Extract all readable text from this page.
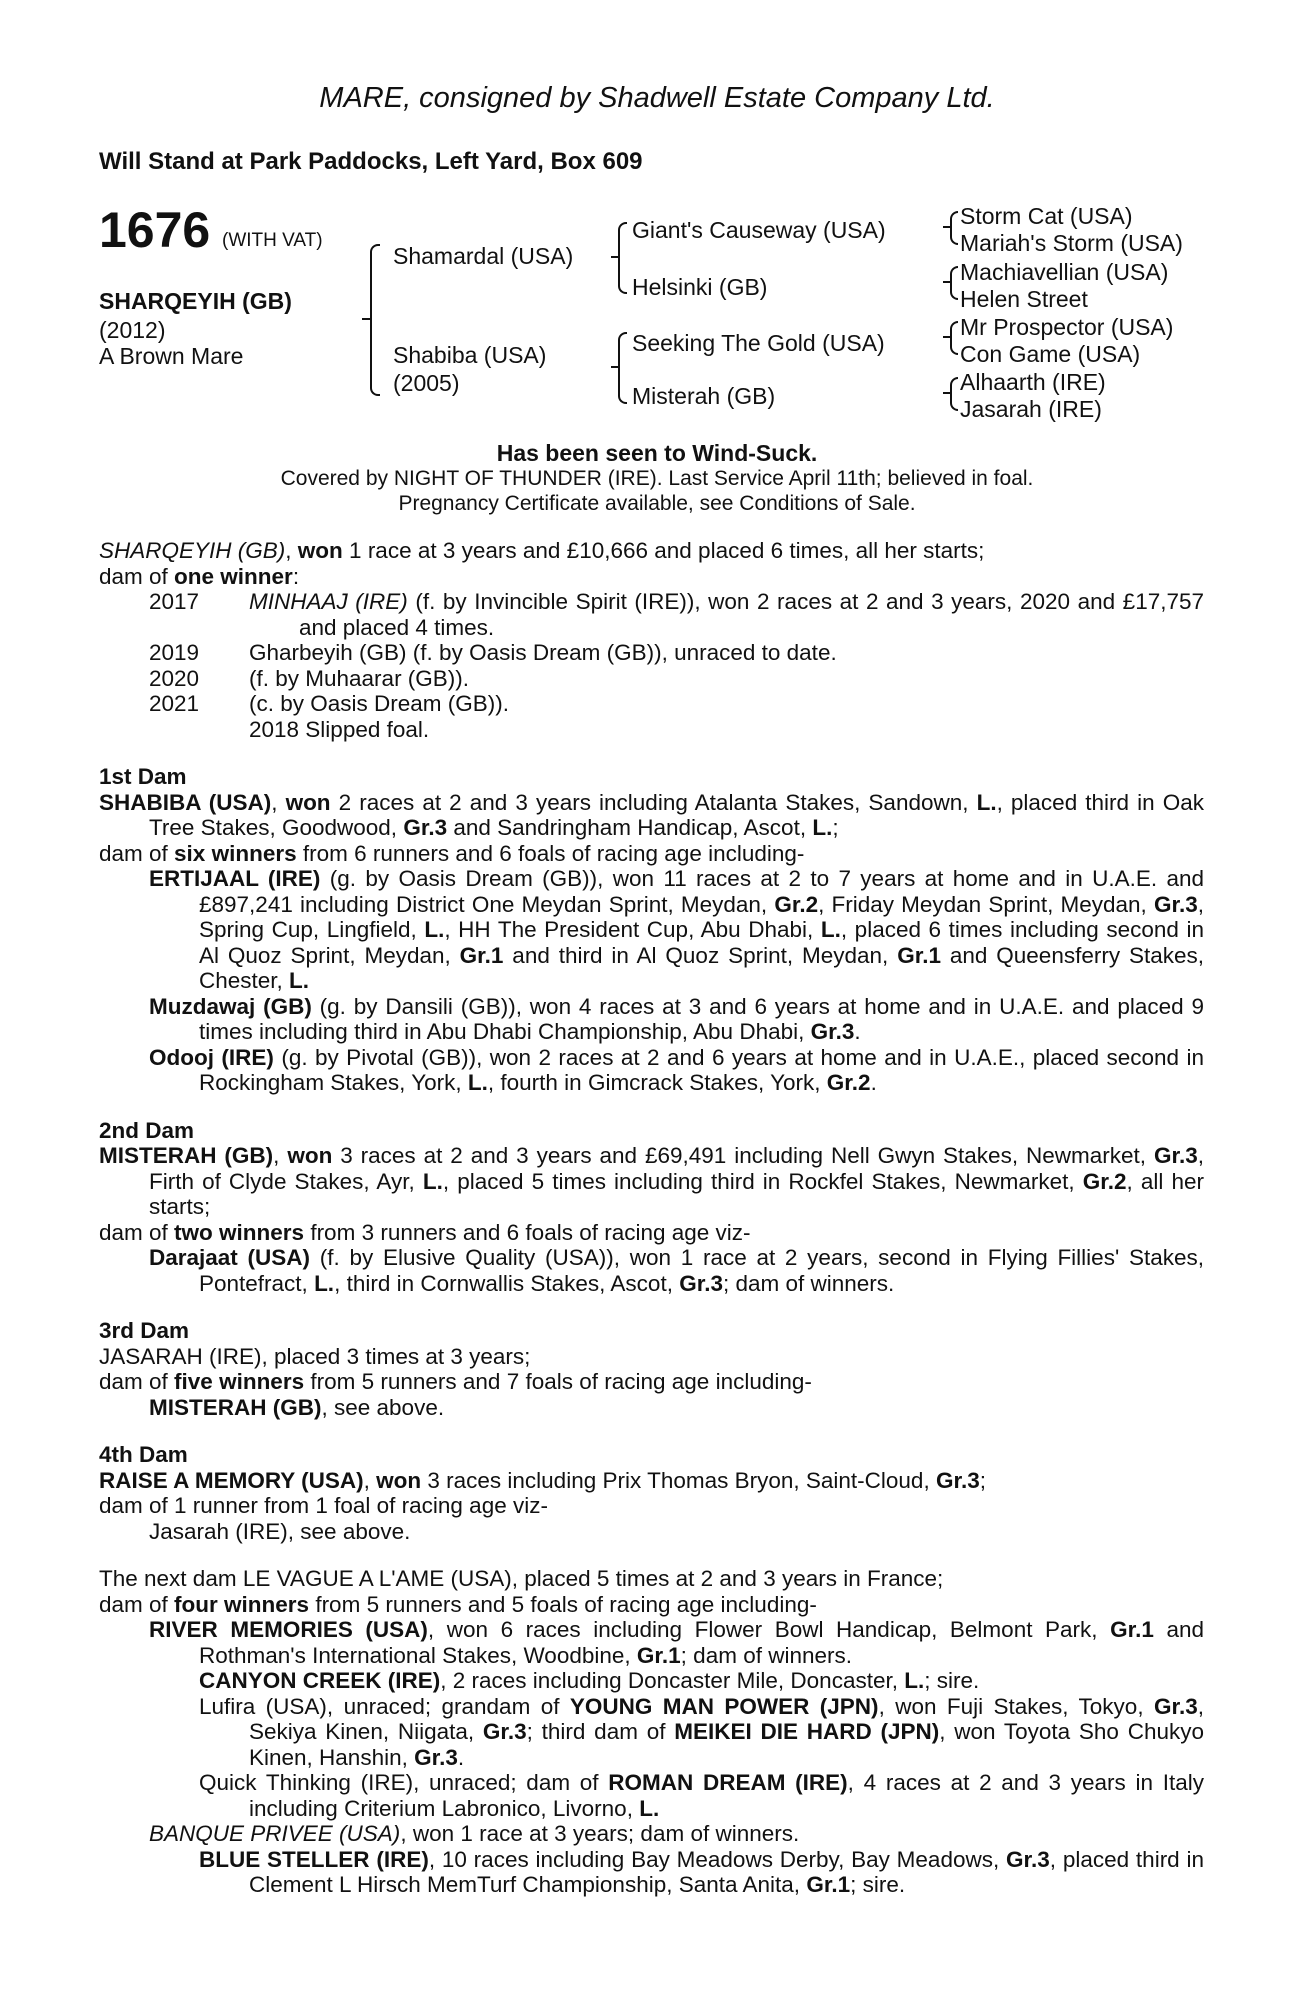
MARE, consigned by Shadwell Estate Company Ltd.
Will Stand at Park Paddocks, Left Yard, Box 609
1676 (WITH VAT)
SHARQEYIH (GB)
(2012)
A Brown Mare
Shamardal (USA)
Shabiba (USA)
(2005)
Giant's Causeway (USA)
Helsinki (GB)
Seeking The Gold (USA)
Misterah (GB)
Storm Cat (USA)
Mariah's Storm (USA)
Machiavellian (USA)
Helen Street
Mr Prospector (USA)
Con Game (USA)
Alhaarth (IRE)
Jasarah (IRE)
Has been seen to Wind-Suck.
Covered by NIGHT OF THUNDER (IRE). Last Service April 11th; believed in foal.
Pregnancy Certificate available, see Conditions of Sale.

SHARQEYIH (GB), won 1 race at 3 years and £10,666 and placed 6 times, all her starts;

dam of one winner:

2017	MINHAAJ (IRE) (f. by Invincible Spirit (IRE)), won 2 races at 2 and 3 years, 2020 and £17,757 and placed 4 times.
2019	Gharbeyih (GB) (f. by Oasis Dream (GB)), unraced to date.
2020	(f. by Muhaarar (GB)).
2021	(c. by Oasis Dream (GB)).
2018 Slipped foal.

1st Dam

SHABIBA (USA), won 2 races at 2 and 3 years including Atalanta Stakes, Sandown, L., placed third in Oak Tree Stakes, Goodwood, Gr.3 and Sandringham Handicap, Ascot, L.;

dam of six winners from 6 runners and 6 foals of racing age including-

ERTIJAAL (IRE) (g. by Oasis Dream (GB)), won 11 races at 2 to 7 years at home and in U.A.E. and £897,241 including District One Meydan Sprint, Meydan, Gr.2, Friday Meydan Sprint, Meydan, Gr.3, Spring Cup, Lingfield, L., HH The President Cup, Abu Dhabi, L., placed 6 times including second in Al Quoz Sprint, Meydan, Gr.1 and third in Al Quoz Sprint, Meydan, Gr.1 and Queensferry Stakes, Chester, L.

Muzdawaj (GB) (g. by Dansili (GB)), won 4 races at 3 and 6 years at home and in U.A.E. and placed 9 times including third in Abu Dhabi Championship, Abu Dhabi, Gr.3.

Odooj (IRE) (g. by Pivotal (GB)), won 2 races at 2 and 6 years at home and in U.A.E., placed second in Rockingham Stakes, York, L., fourth in Gimcrack Stakes, York, Gr.2.

2nd Dam

MISTERAH (GB), won 3 races at 2 and 3 years and £69,491 including Nell Gwyn Stakes, Newmarket, Gr.3, Firth of Clyde Stakes, Ayr, L., placed 5 times including third in Rockfel Stakes, Newmarket, Gr.2, all her starts;

dam of two winners from 3 runners and 6 foals of racing age viz-

Darajaat (USA) (f. by Elusive Quality (USA)), won 1 race at 2 years, second in Flying Fillies' Stakes, Pontefract, L., third in Cornwallis Stakes, Ascot, Gr.3; dam of winners.

3rd Dam

JASARAH (IRE), placed 3 times at 3 years;

dam of five winners from 5 runners and 7 foals of racing age including-

MISTERAH (GB), see above.

4th Dam

RAISE A MEMORY (USA), won 3 races including Prix Thomas Bryon, Saint-Cloud, Gr.3;

dam of 1 runner from 1 foal of racing age viz-

Jasarah (IRE), see above.

The next dam LE VAGUE A L'AME (USA), placed 5 times at 2 and 3 years in France;

dam of four winners from 5 runners and 5 foals of racing age including-

RIVER MEMORIES (USA), won 6 races including Flower Bowl Handicap, Belmont Park, Gr.1 and Rothman's International Stakes, Woodbine, Gr.1; dam of winners.

CANYON CREEK (IRE), 2 races including Doncaster Mile, Doncaster, L.; sire.

Lufira (USA), unraced; grandam of YOUNG MAN POWER (JPN), won Fuji Stakes, Tokyo, Gr.3, Sekiya Kinen, Niigata, Gr.3; third dam of MEIKEI DIE HARD (JPN), won Toyota Sho Chukyo Kinen, Hanshin, Gr.3.

Quick Thinking (IRE), unraced; dam of ROMAN DREAM (IRE), 4 races at 2 and 3 years in Italy including Criterium Labronico, Livorno, L.

BANQUE PRIVEE (USA), won 1 race at 3 years; dam of winners.

BLUE STELLER (IRE), 10 races including Bay Meadows Derby, Bay Meadows, Gr.3, placed third in Clement L Hirsch MemTurf Championship, Santa Anita, Gr.1; sire.
